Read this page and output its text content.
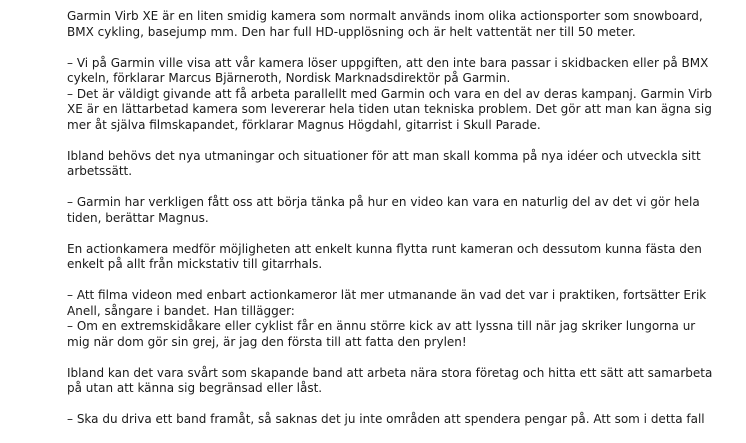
Garmin Virb XE är en liten smidig kamera som normalt används inom olika actionsporter som snowboard,
BMX cykling, basejump mm. Den har full HD-upplösning och är helt vattentät ner till 50 meter.

– Vi på Garmin ville visa att vår kamera löser uppgiften, att den inte bara passar i skidbacken eller på BMX
cykeln, förklarar Marcus Bjärneroth, Nordisk Marknadsdirektör på Garmin.
– Det är väldigt givande att få arbeta parallellt med Garmin och vara en del av deras kampanj. Garmin Virb
XE är en lättarbetad kamera som levererar hela tiden utan tekniska problem. Det gör att man kan ägna sig
mer åt själva filmskapandet, förklarar Magnus Högdahl, gitarrist i Skull Parade.

Ibland behövs det nya utmaningar och situationer för att man skall komma på nya idéer och utveckla sitt
arbetssätt.

– Garmin har verkligen fått oss att börja tänka på hur en video kan vara en naturlig del av det vi gör hela
tiden, berättar Magnus.

En actionkamera medför möjligheten att enkelt kunna flytta runt kameran och dessutom kunna fästa den
enkelt på allt från mickstativ till gitarrhals.

– Att filma videon med enbart actionkameror lät mer utmanande än vad det var i praktiken, fortsätter Erik
Anell, sångare i bandet. Han tillägger:
– Om en extremskidåkare eller cyklist får en ännu större kick av att lyssna till när jag skriker lungorna ur
mig när dom gör sin grej, är jag den första till att fatta den prylen!

Ibland kan det vara svårt som skapande band att arbeta nära stora företag och hitta ett sätt att samarbeta
på utan att känna sig begränsad eller låst.

– Ska du driva ett band framåt, så saknas det ju inte områden att spendera pengar på. Att som i detta fall
